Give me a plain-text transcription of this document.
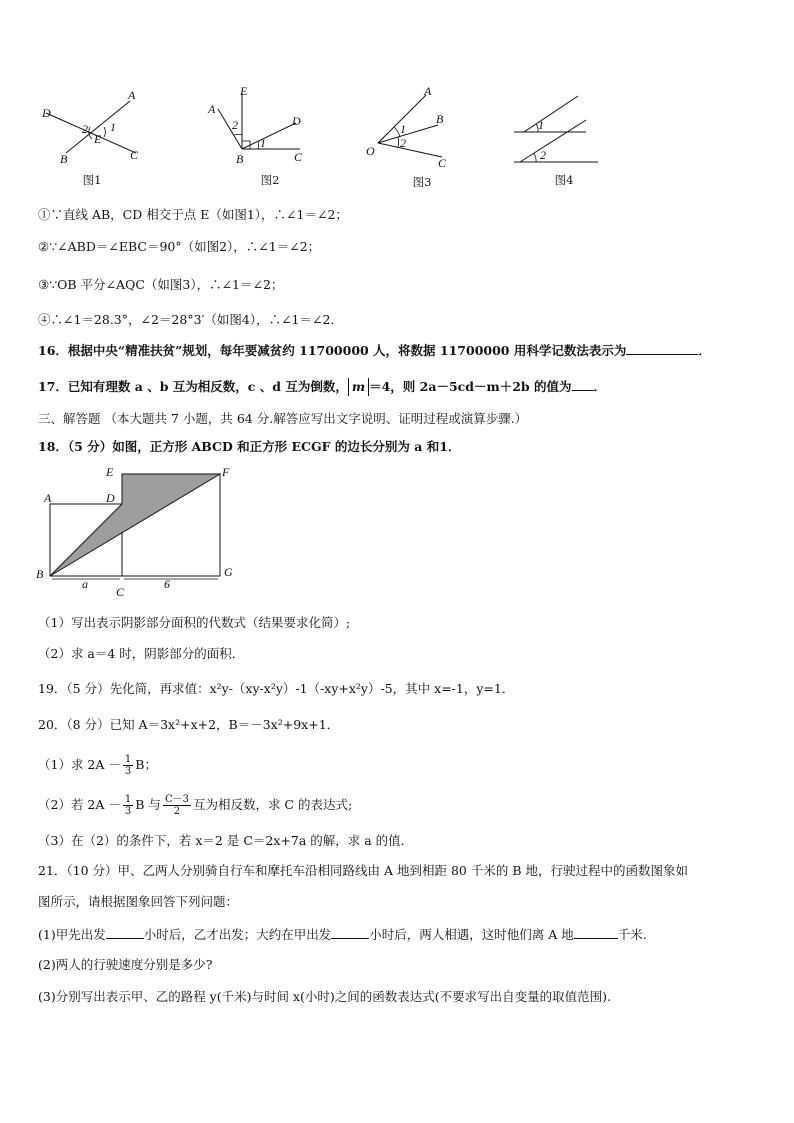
A
D
B	C
E
2 1
图1
E
A
D
B	C
2
1
图2
A
B
C
O
1
2
图3
1
2
图4
①∵直线 AB，CD 相交于点 E（如图1），∴∠1＝∠2；
②∵∠ABD＝∠EBC＝90°（如图2），∴∠1＝∠2；
③∵OB 平分∠AQC（如图3），∴∠1＝∠2；
④∴∠1＝28.3°，∠2＝28°3′（如图4），∴∠1＝∠2．
16．根据中央“精准扶贫”规划，每年要减贫约 11700000 人，将数据 11700000 用科学记数法表示为	．
17．已知有理数 a 、b 互为相反数，c 、d 互为倒数， m ＝4，则 2a－5cd－m＋2b 的值为 ．
三、解答题 （本大题共 7 小题，共 64 分.解答应写出文字说明、证明过程或演算步骤.）
18．（5 分）如图，正方形 ABCD 和正方形 ECGF 的边长分别为 a 和1．
A
B
C
D
E	F
G
a	6
（1）写出表示阴影部分面积的代数式（结果要求化简）;
（2）求 a＝4 时，阴影部分的面积．
19．（5 分）先化简，再求值：x²y-（xy-x²y）-1（-xy+x²y）-5，其中 x=-1，y=1．
20．（8 分）已知 A＝3x²+x+2，B＝－3x²+9x+1．
（1）求 $2A - \frac{1}{3}$ B；
（2）若 $2A - \frac{1}{3}$ B 与 $\frac{C-3}{2}$ 互为相反数，求 C 的表达式;
（3）在（2）的条件下，若 x＝2 是 C＝2x+7a 的解，求 a 的值．
21．（10 分）甲、乙两人分别骑自行车和摩托车沿相同路线由 A 地到相距 80 千米的 B 地，行驶过程中的函数图象如
图所示，请根据图象回答下列问题：
(1)甲先出发	小时后，乙才出发；大约在甲出发	小时后，两人相遇，这时他们离 A 地	千米.
(2)两人的行驶速度分别是多少?
(3)分别写出表示甲、乙的路程 y(千米)与时间 x(小时)之间的函数表达式(不要求写出自变量的取值范围).
